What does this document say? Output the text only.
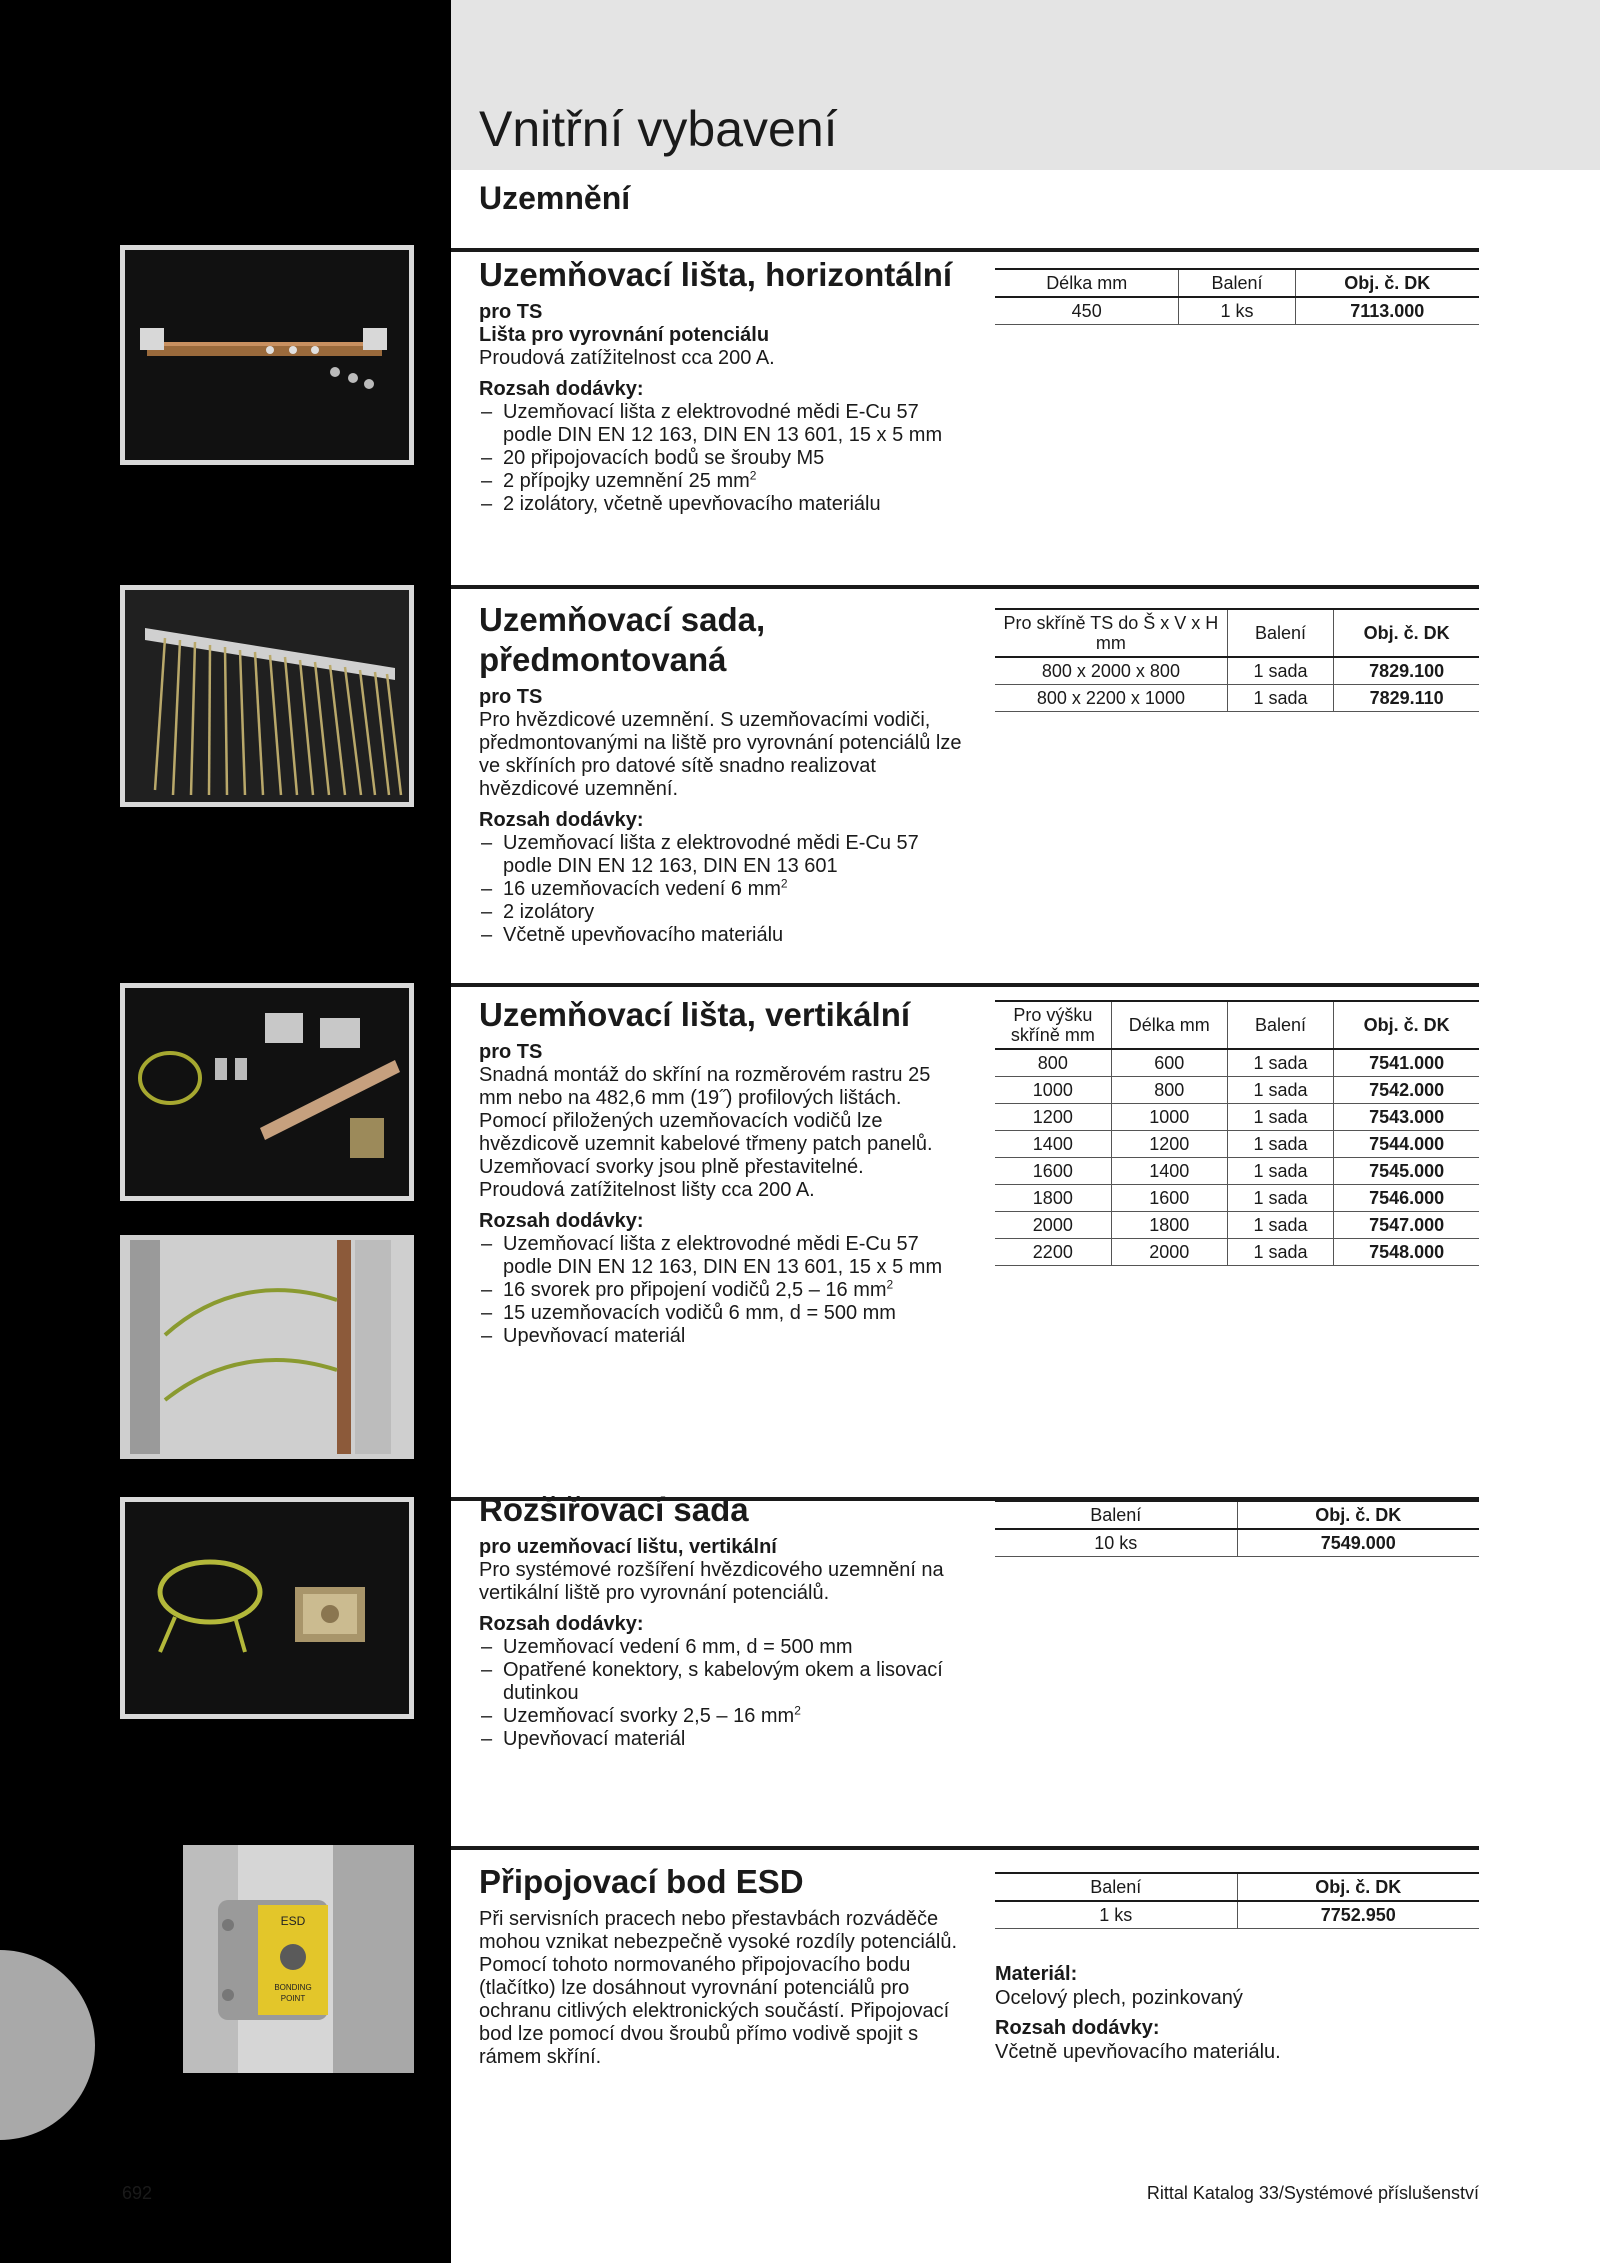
Vnitřní vybavení
Uzemnění
Uzemňovací lišta, horizontální

pro TS

Lišta pro vyrovnání potenciálu

Proudová zatížitelnost cca 200 A.

Rozsah dodávky:

– Uzemňovací lišta z elektrovodné mědi E-Cu 57 podle DIN EN 12 163, DIN EN 13 601, 15 x 5 mm
– 20 připojovacích bodů se šrouby M5
– 2 přípojky uzemnění 25 $mm^2$
– 2 izolátory, včetně upevňovacího materiálu
Délka mm	Balení	Obj. č. DK
450	1 ks	7113.000
Uzemňovací sada, předmontovaná

pro TS

Pro hvězdicové uzemnění. S uzemňovacími vodiči, předmontovanými na liště pro vyrovnání potenciálů lze ve skříních pro datové sítě snadno realizovat hvězdicové uzemnění.

Rozsah dodávky:

– Uzemňovací lišta z elektrovodné mědi E-Cu 57 podle DIN EN 12 163, DIN EN 13 601
– 16 uzemňovacích vedení 6 $mm^2$
– 2 izolátory
– Včetně upevňovacího materiálu
Pro skříně TS do Š x V x H mm	Balení	Obj. č. DK
800 x 2000 x 800	1 sada	7829.100
800 x 2200 x 1000	1 sada	7829.110
Uzemňovací lišta, vertikální

pro TS

Snadná montáž do skříní na rozměrovém rastru 25 mm nebo na 482,6 mm (19˝) profilových lištách. Pomocí přiložených uzemňovacích vodičů lze hvězdicově uzemnit kabelové třmeny patch panelů.

Uzemňovací svorky jsou plně přestavitelné.

Proudová zatížitelnost lišty cca 200 A.

Rozsah dodávky:

– Uzemňovací lišta z elektrovodné mědi E-Cu 57 podle DIN EN 12 163, DIN EN 13 601, 15 x 5 mm
– 16 svorek pro připojení vodičů 2,5 – 16 $mm^2$
– 15 uzemňovacích vodičů 6 mm, d = 500 mm
– Upevňovací materiál
Pro výšku skříně mm	Délka mm	Balení	Obj. č. DK
800	600	1 sada	7541.000
1000	800	1 sada	7542.000
1200	1000	1 sada	7543.000
1400	1200	1 sada	7544.000
1600	1400	1 sada	7545.000
1800	1600	1 sada	7546.000
2000	1800	1 sada	7547.000
2200	2000	1 sada	7548.000
Rozšiřovací sada

pro uzemňovací lištu, vertikální

Pro systémové rozšíření hvězdicového uzemnění na vertikální liště pro vyrovnání potenciálů.

Rozsah dodávky:

– Uzemňovací vedení 6 mm, d = 500 mm
– Opatřené konektory, s kabelovým okem a lisovací dutinkou
– Uzemňovací svorky 2,5 – 16 $mm^2$
– Upevňovací materiál
Balení	Obj. č. DK
10 ks	7549.000
ESD
BONDING
POINT
Připojovací bod ESD

Při servisních pracech nebo přestavbách rozváděče mohou vznikat nebezpečně vysoké rozdíly potenciálů. Pomocí tohoto normovaného připojovacího bodu (tlačítko) lze dosáhnout vyrovnání potenciálů pro ochranu citlivých elektronických součástí. Připojovací bod lze pomocí dvou šroubů přímo vodivě spojit s rámem skříní.

Balení	Obj. č. DK
1 ks	7752.950

Materiál:

Ocelový plech, pozinkovaný

Rozsah dodávky:

Včetně upevňovacího materiálu.

692	Rittal Katalog 33/Systémové příslušenství
